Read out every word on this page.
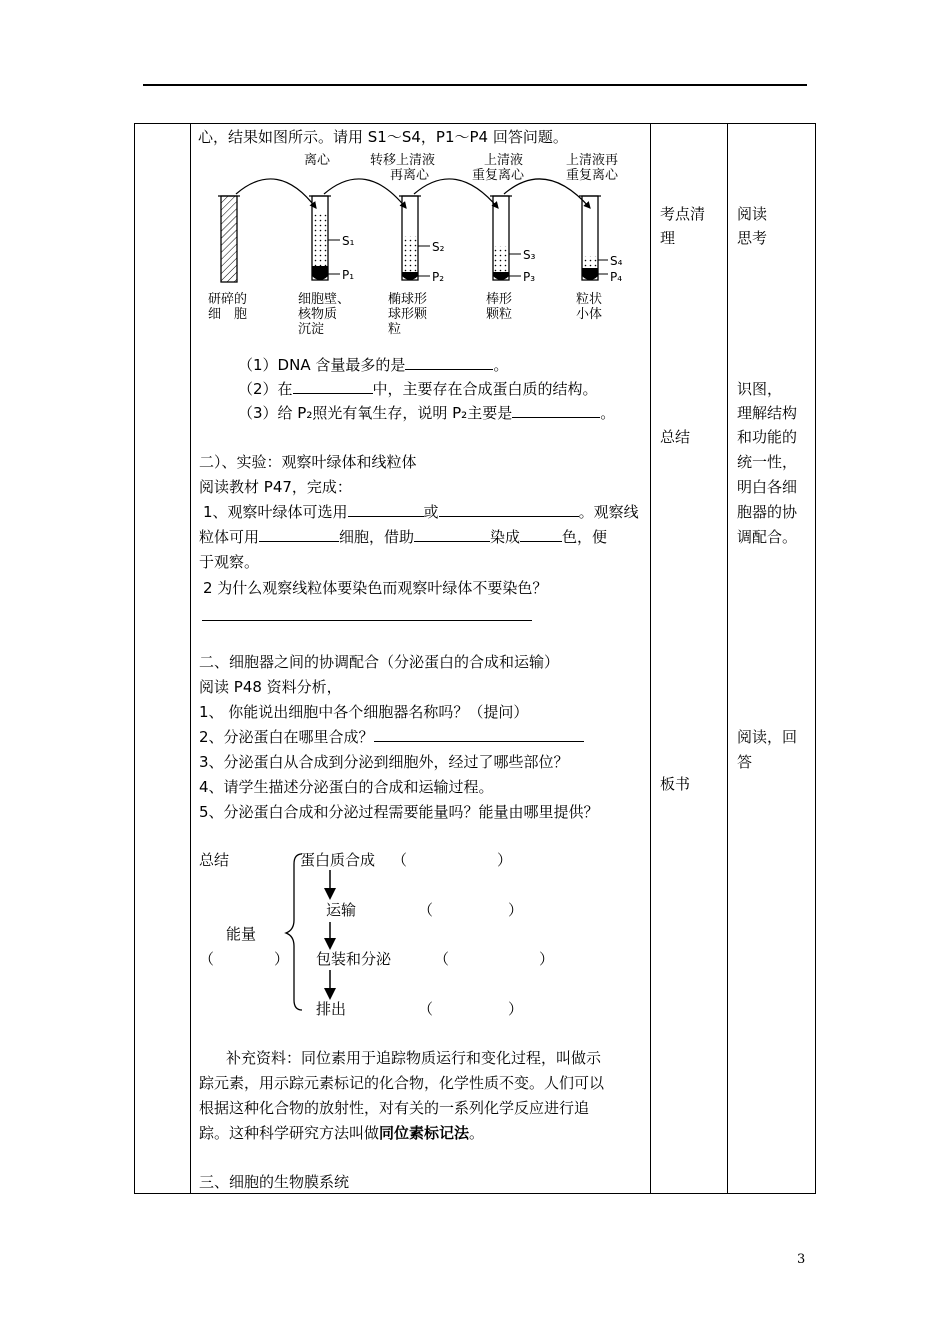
心，结果如图所示。请用 S1～S4，P1～P4 回答问题。
离心	转移上清液
再离心
上清液
重复离心
上清液再
重复离心
S₁
P₁
S₂
P₂
S₃
P₃
S₄
P₄
研碎的
细　胞
细胞壁、
核物质
沉淀
椭球形
球形颗
粒
棒形
颗粒
粒状
小体
（1）DNA 含量最多的是	。
（2）在	中，主要存在合成蛋白质的结构。
（3）给 P₂照光有氧生存，说明 P₂主要是	。
二）、实验：观察叶绿体和线粒体
阅读教材 P47，完成：
1、观察叶绿体可选用	或	。观察线
粒体可用	细胞，借助	染成	色，便
于观察。
2 为什么观察线粒体要染色而观察叶绿体不要染色？
二、细胞器之间的协调配合（分泌蛋白的合成和运输）
阅读 P48 资料分析，
1、 你能说出细胞中各个细胞器名称吗？（提问）
2、分泌蛋白在哪里合成？
3、分泌蛋白从合成到分泌到细胞外，经过了哪些部位？
4、请学生描述分泌蛋白的合成和运输过程。
5、分泌蛋白合成和分泌过程需要能量吗？能量由哪里提供？
总结
能量
（　　　　）
蛋白质合成 （　　　　　　）
运输	（　　　　　）
包装和分泌	（　　　　　　）
排出	（　　　　　）
补充资料：同位素用于追踪物质运行和变化过程，叫做示
踪元素，用示踪元素标记的化合物，化学性质不变。人们可以
根据这种化合物的放射性，对有关的一系列化学反应进行追
踪。这种科学研究方法叫做同位素标记法。
三、细胞的生物膜系统
考点清
理
总结
板书
阅读
思考
识图，
理解结构
和功能的
统一性，
明白各细
胞器的协
调配合。
阅读，回
答
3
